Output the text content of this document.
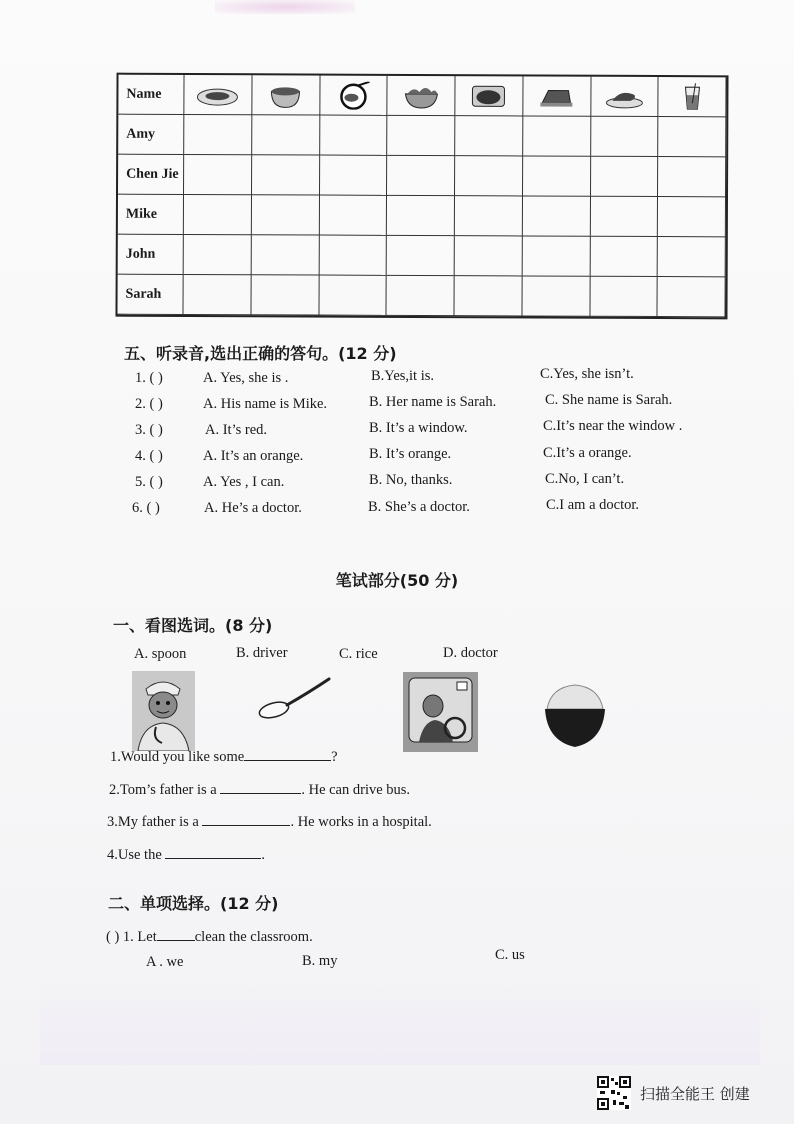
Name
Amy
Chen Jie
Mike
John
Sarah
五、听录音,选出正确的答句。(12 分)
1. ( )	A. Yes, she is .	B.Yes,it is.	C.Yes, she isn’t.
2. ( )	A. His name is Mike.	B. Her name is Sarah.	C. She name is Sarah.
3. ( )	A. It’s red.	B. It’s a window.	C.It’s near the window .
4. ( )	A. It’s an orange.	B. It’s orange.	C.It’s a orange.
5. ( )	A. Yes , I can.	B. No, thanks.	C.No, I can’t.
6. ( )	A. He’s a doctor.	B. She’s a doctor.	C.I am a doctor.
笔试部分(50 分)
一、看图选词。(8 分)
A. spoon	B. driver	C. rice	D. doctor
1.Would you like some	?
2.Tom’s father is a	. He can drive bus.
3.My father is a	. He works in a hospital.
4.Use the	.
二、单项选择。(12 分)
( ) 1. Let	clean the classroom.
A . we	B. my	C. us
扫描全能王 创建
